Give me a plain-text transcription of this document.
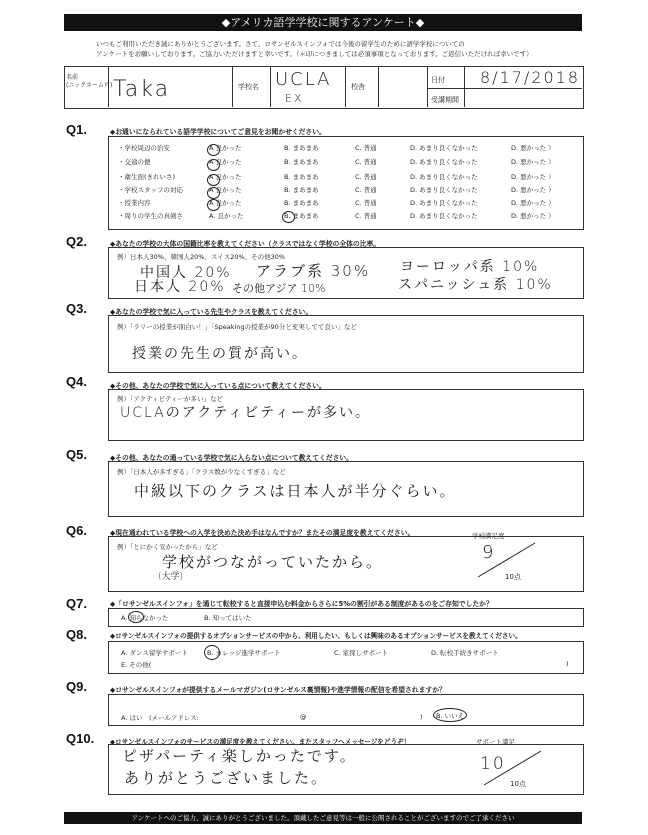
◆アメリカ語学学校に関するアンケート◆
いつもご利用いただき誠にありがとうございます。さて、ロサンゼルスインフォでは今後の留学生のために語学学校についての
アンケートをお願いしております。ご協力いただけますと幸いです。（＊印につきましては必須事項となっております。ご返信いただければ幸いです）
名前
(ニックネーム可) Taka	学校名 UCLA
EX
校舎
日付 8/17/2018
受講期間
Q1.	◆お通いになられている語学学校についてご意見をお聞かせください。
・学校周辺の治安	A 良かった	B. まあまあ	C. 普通	D. あまり良くなかった	D. 悪かった ）
・交通の便	A 良かった	B. まあまあ	C. 普通	D. あまり良くなかった	D. 悪かった ）
・衛生面(きれいさ)	A 良かった	B. まあまあ	C. 普通	D. あまり良くなかった	D. 悪かった ）
・学校スタッフの対応	A 良かった	B. まあまあ	C. 普通	D. あまり良くなかった	D. 悪かった ）
・授業内容	A 良かった	B. まあまあ	C. 普通	D. あまり良くなかった	D. 悪かった ）
・周りの学生の真剣さ	A. 良かった	B. まあまあ	C. 普通	D. あまり良くなかった	D. 悪かった ）
Q2.	◆あなたの学校の大体の国籍比率を教えてください（クラスではなく学校の全体の比率。
例）日本人30%、韓国人20%、スイス20%、その他30%
中国人 20%
日本人 20%
アラブ系 30%
その他アジア 10%
ヨーロッパ系 10%
スパニッシュ系 10%
Q3.	◆あなたの学校で気に入っている先生やクラスを教えてください。
例）「ラリーの授業が面白い！」「Speakingの授業が90分と充実してて良い」など
授業の先生の質が高い。
Q4.	◆その他、あなたの学校で気に入っている点について教えてください。
例）「アクティビティーが多い」など
UCLAのアクティビティーが多い。
Q5.	◆その他、あなたの通っている学校で気に入らない点について教えてください。
例）「日本人が多すぎる」「クラス数が少なくすぎる」など
中級以下のクラスは日本人が半分ぐらい。
Q6.	◆現在通われている学校への入学を決めた決め手はなんですか？またその満足度を教えてください。
例）「とにかく安かったから」など
学校がつながっていたから。
(大学)
学校満足度
9
10点
Q7.	◆「ロサンゼルスインフォ」を通じて転校すると直接申込む料金からさらに5%の割引がある制度があるのをご存知でしたか？
A. 知らなかった	B. 知ってはいた
Q8.	◆ロサンゼルスインフォの提供するオプションサービスの中から、利用したい、もしくは興味のあるオプションサービスを教えてください。
A. ダンス留学サポート	B. カレッジ進学サポート	C. 家探しサポート	D. 転校手続きサポート
E. その他(	)
Q9.	◆ロサンゼルスインフォが提供するメールマガジン(ロサンゼルス裏情報)や進学情報の配信を希望されますか？
A. はい　(メールアドレス:	@	) B. いいえ
Q10. ◆ロサンゼルスインフォのサービスの満足度を教えてください。またスタッフへメッセージをどうぞ！
ピザパーティ楽しかったです。
ありがとうございました。
サポート満足
10
10点
アンケートへのご協力、誠にありがとうございました。頂戴したご意見等は一般に公開されることがございますのでご了承ください
